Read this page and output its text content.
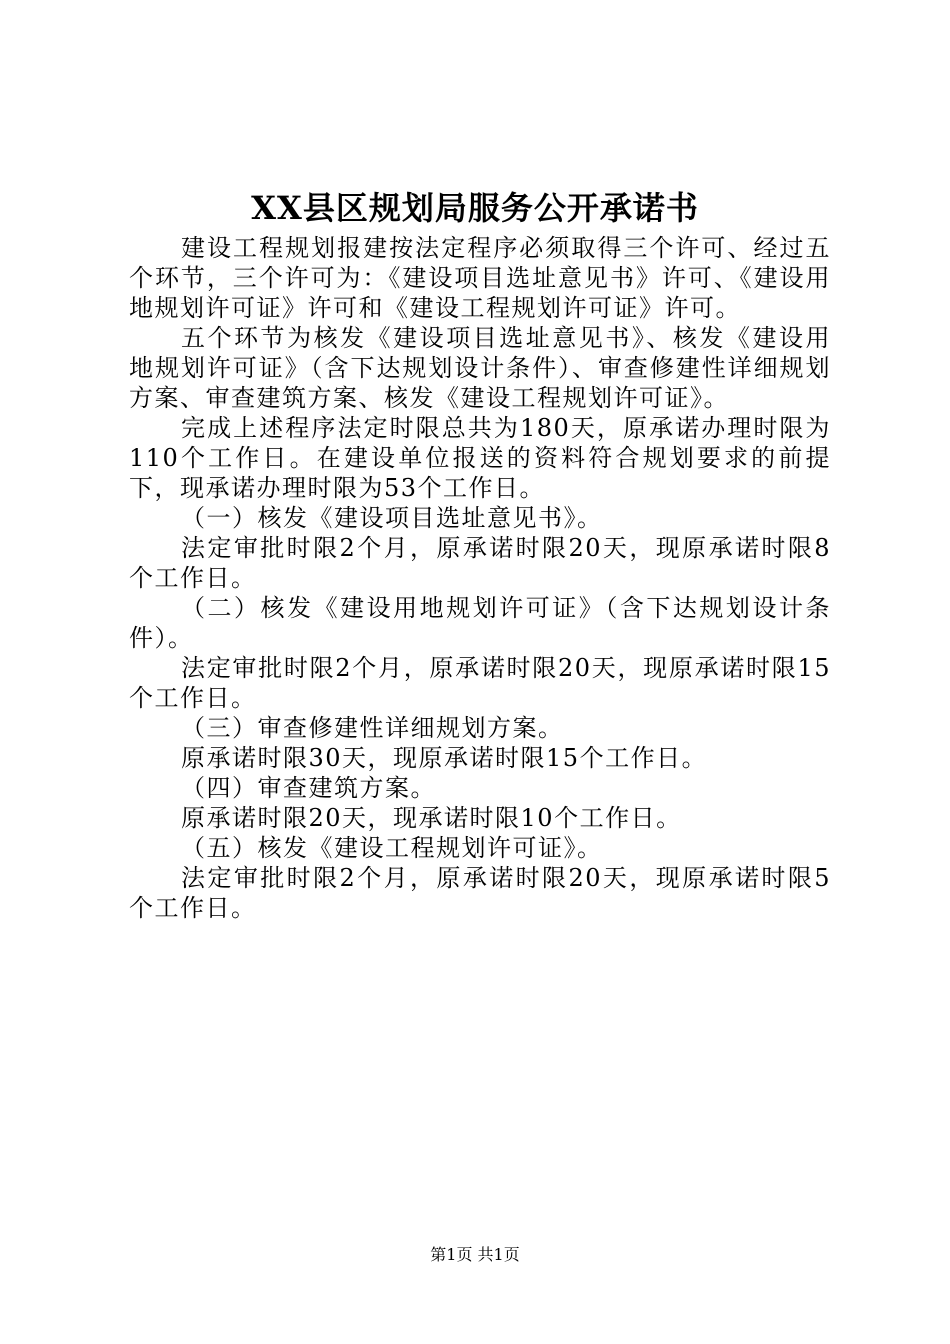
XX县区规划局服务公开承诺书

建设工程规划报建按法定程序必须取得三个许可、经过五个环节，三个许可为：《建设项目选址意见书》许可、《建设用地规划许可证》许可和《建设工程规划许可证》许可。

五个环节为核发《建设项目选址意见书》、核发《建设用地规划许可证》（含下达规划设计条件）、审查修建性详细规划方案、审查建筑方案、核发《建设工程规划许可证》。

完成上述程序法定时限总共为180天，原承诺办理时限为110个工作日。在建设单位报送的资料符合规划要求的前提下，现承诺办理时限为53个工作日。

（一）核发《建设项目选址意见书》。

法定审批时限2个月，原承诺时限20天，现原承诺时限8个工作日。

（二）核发《建设用地规划许可证》（含下达规划设计条件）。

法定审批时限2个月，原承诺时限20天，现原承诺时限15个工作日。

（三）审查修建性详细规划方案。

原承诺时限30天，现原承诺时限15个工作日。

（四）审查建筑方案。

原承诺时限20天，现承诺时限10个工作日。

（五）核发《建设工程规划许可证》。

法定审批时限2个月，原承诺时限20天，现原承诺时限5个工作日。

第1页 共1页
